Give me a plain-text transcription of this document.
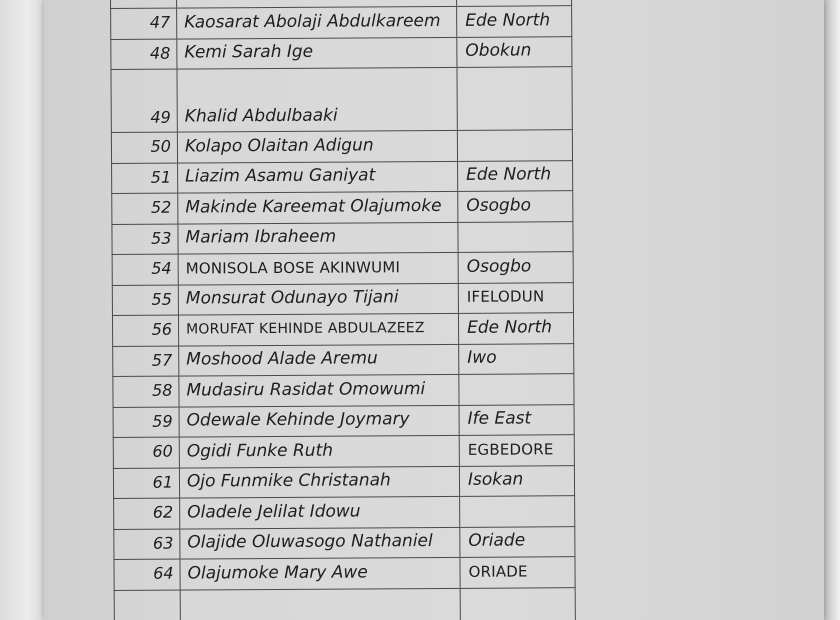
47 Kaosarat Abolaji Abdulkareem	Ede North
48 Kemi Sarah Ige	Obokun
49 Khalid Abdulbaaki
50 Kolapo Olaitan Adigun
51 Liazim Asamu Ganiyat	Ede North
52 Makinde Kareemat Olajumoke	Osogbo
53 Mariam Ibraheem
54 MONISOLA BOSE AKINWUMI	Osogbo
55 Monsurat Odunayo Tijani	IFELODUN
56 MORUFAT KEHINDE ABDULAZEEZ	Ede North
57 Moshood Alade Aremu	Iwo
58 Mudasiru Rasidat Omowumi
59 Odewale Kehinde Joymary	Ife East
60 Ogidi Funke Ruth	EGBEDORE
61 Ojo Funmike Christanah	Isokan
62 Oladele Jelilat Idowu
63 Olajide Oluwasogo Nathaniel	Oriade
64 Olajumoke Mary Awe	ORIADE
